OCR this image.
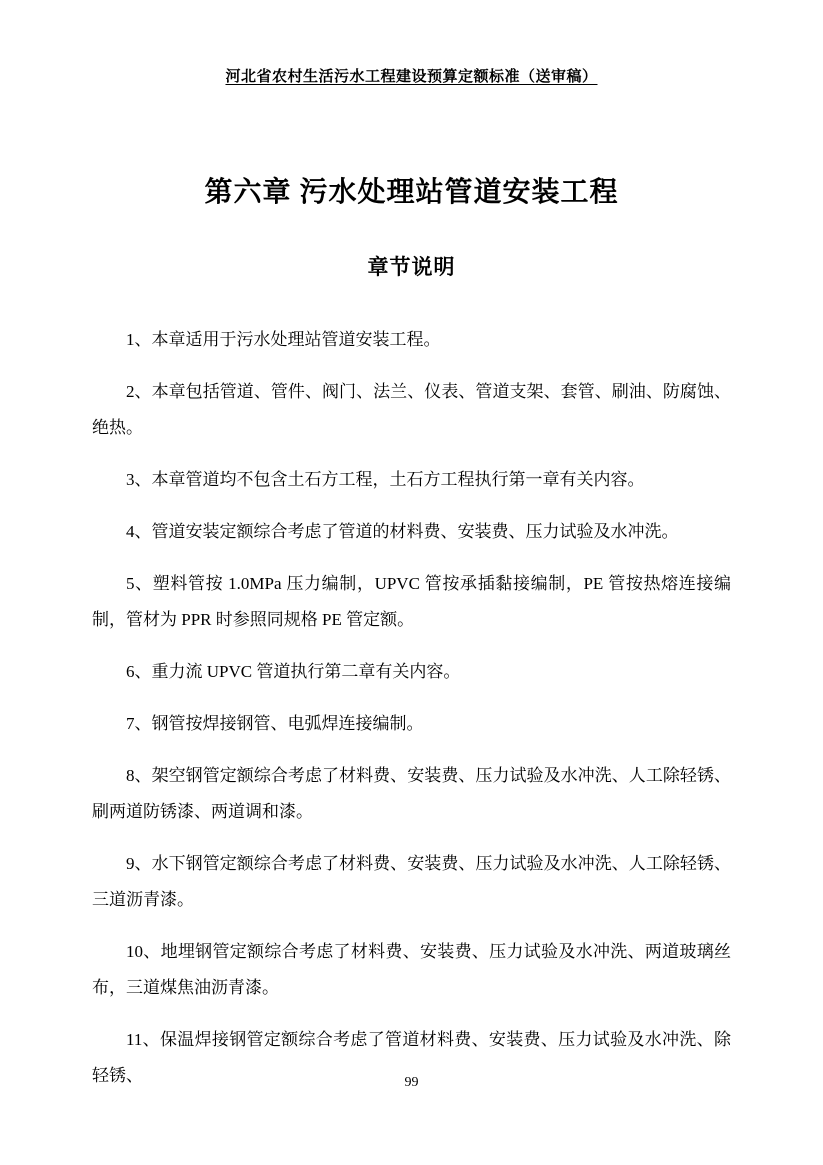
河北省农村生活污水工程建设预算定额标准（送审稿）
第六章 污水处理站管道安装工程
章节说明

1、本章适用于污水处理站管道安装工程。

2、本章包括管道、管件、阀门、法兰、仪表、管道支架、套管、刷油、防腐蚀、绝热。

3、本章管道均不包含土石方工程，土石方工程执行第一章有关内容。

4、管道安装定额综合考虑了管道的材料费、安装费、压力试验及水冲洗。

5、塑料管按 1.0MPa 压力编制，UPVC 管按承插黏接编制，PE 管按热熔连接编制，管材为 PPR 时参照同规格 PE 管定额。

6、重力流 UPVC 管道执行第二章有关内容。

7、钢管按焊接钢管、电弧焊连接编制。

8、架空钢管定额综合考虑了材料费、安装费、压力试验及水冲洗、人工除轻锈、刷两道防锈漆、两道调和漆。

9、水下钢管定额综合考虑了材料费、安装费、压力试验及水冲洗、人工除轻锈、三道沥青漆。

10、地埋钢管定额综合考虑了材料费、安装费、压力试验及水冲洗、两道玻璃丝布，三道煤焦油沥青漆。

11、保温焊接钢管定额综合考虑了管道材料费、安装费、压力试验及水冲洗、除轻锈、	99
